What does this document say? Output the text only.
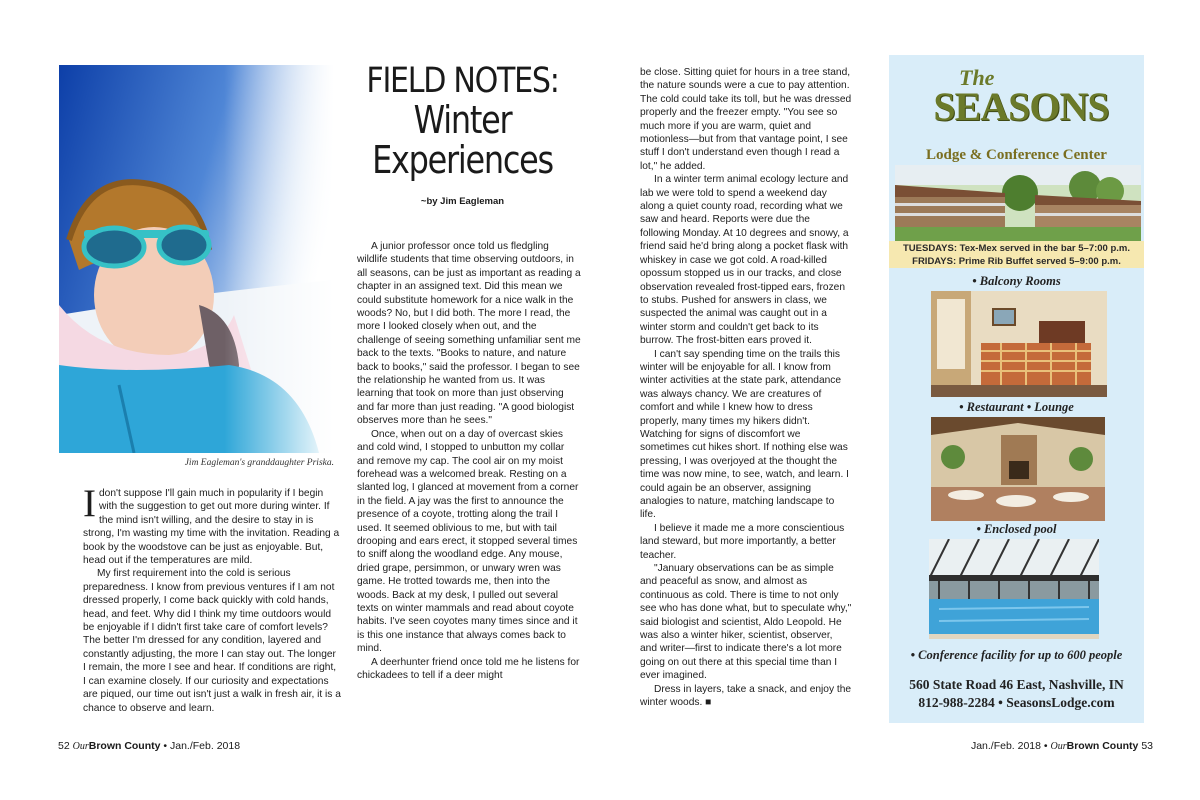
Jim Eagleman's granddaughter Priska.

Idon't suppose I'll gain much in popularity if I begin with the suggestion to get out more during winter. If the mind isn't willing, and the desire to stay in is strong, I'm wasting my time with the invitation. Reading a book by the woodstove can be just as enjoyable. But, head out if the temperatures are mild.

My first requirement into the cold is serious preparedness. I know from previous ventures if I am not dressed properly, I come back quickly with cold hands, head, and feet. Why did I think my time outdoors would be enjoyable if I didn't first take care of comfort levels? The better I'm dressed for any condition, layered and constantly adjusting, the more I can stay out. The longer I remain, the more I see and hear. If conditions are right, I can examine closely. If our curiosity and expectations are piqued, our time out isn't just a walk in fresh air, it is a chance to observe and learn.

FIELD NOTES:
Winter
Experiences
~by Jim Eagleman

A junior professor once told us fledgling wildlife students that time observing outdoors, in all seasons, can be just as important as reading a chapter in an assigned text. Did this mean we could substitute homework for a nice walk in the woods? No, but I did both. The more I read, the more I looked closely when out, and the challenge of seeing something unfamiliar sent me back to the texts. "Books to nature, and nature back to books," said the professor. I began to see the relationship he wanted from us. It was learning that took on more than just observing and far more than just reading. "A good biologist observes more than he sees."

Once, when out on a day of overcast skies and cold wind, I stopped to unbutton my collar and remove my cap. The cool air on my moist forehead was a welcomed break. Resting on a slanted log, I glanced at movement from a corner in the field. A jay was the first to announce the presence of a coyote, trotting along the trail I used. It seemed oblivious to me, but with tail drooping and ears erect, it stopped several times to sniff along the woodland edge. Any mouse, dried grape, persimmon, or unwary wren was game. He trotted towards me, then into the woods. Back at my desk, I pulled out several texts on winter mammals and read about coyote habits. I've seen coyotes many times since and it is this one instance that always comes back to mind.

A deerhunter friend once told me he listens for chickadees to tell if a deer might

be close. Sitting quiet for hours in a tree stand, the nature sounds were a cue to pay attention. The cold could take its toll, but he was dressed properly and the freezer empty. "You see so much more if you are warm, quiet and motionless—but from that vantage point, I see stuff I don't understand even though I read a lot," he added.

In a winter term animal ecology lecture and lab we were told to spend a weekend day along a quiet county road, recording what we saw and heard. Reports were due the following Monday. At 10 degrees and snowy, a friend said he'd bring along a pocket flask with whiskey in case we got cold. A road-killed opossum stopped us in our tracks, and close observation revealed frost-tipped ears, frozen to stubs. Pushed for answers in class, we suspected the animal was caught out in a winter storm and couldn't get back to its burrow. The frost-bitten ears proved it.

I can't say spending time on the trails this winter will be enjoyable for all. I know from winter activities at the state park, attendance was always chancy. We are creatures of comfort and while I knew how to dress properly, many times my hikers didn't. Watching for signs of discomfort we sometimes cut hikes short. If nothing else was pressing, I was overjoyed at the thought the time was now mine, to see, watch, and learn. I could again be an observer, assigning analogies to nature, matching landscape to life.

I believe it made me a more conscientious land steward, but more importantly, a better teacher.

"January observations can be as simple and peaceful as snow, and almost as continuous as cold. There is time to not only see who has done what, but to speculate why," said biologist and scientist, Aldo Leopold. He was also a winter hiker, scientist, observer, and writer—first to indicate there's a lot more going on out there at this special time than I ever imagined.

Dress in layers, take a snack, and enjoy the winter woods. ■

52 OurBrown County • Jan./Feb. 2018	Jan./Feb. 2018 • OurBrown County 53
The
SEASONS
Lodge & Conference Center
TUESDAYS: Tex-Mex served in the bar 5–7:00 p.m.
FRIDAYS: Prime Rib Buffet served 5–9:00 p.m.
• Balcony Rooms
• Restaurant • Lounge
• Enclosed pool
• Conference facility for up to 600 people
560 State Road 46 East, Nashville, IN
812-988-2284 • SeasonsLodge.com
